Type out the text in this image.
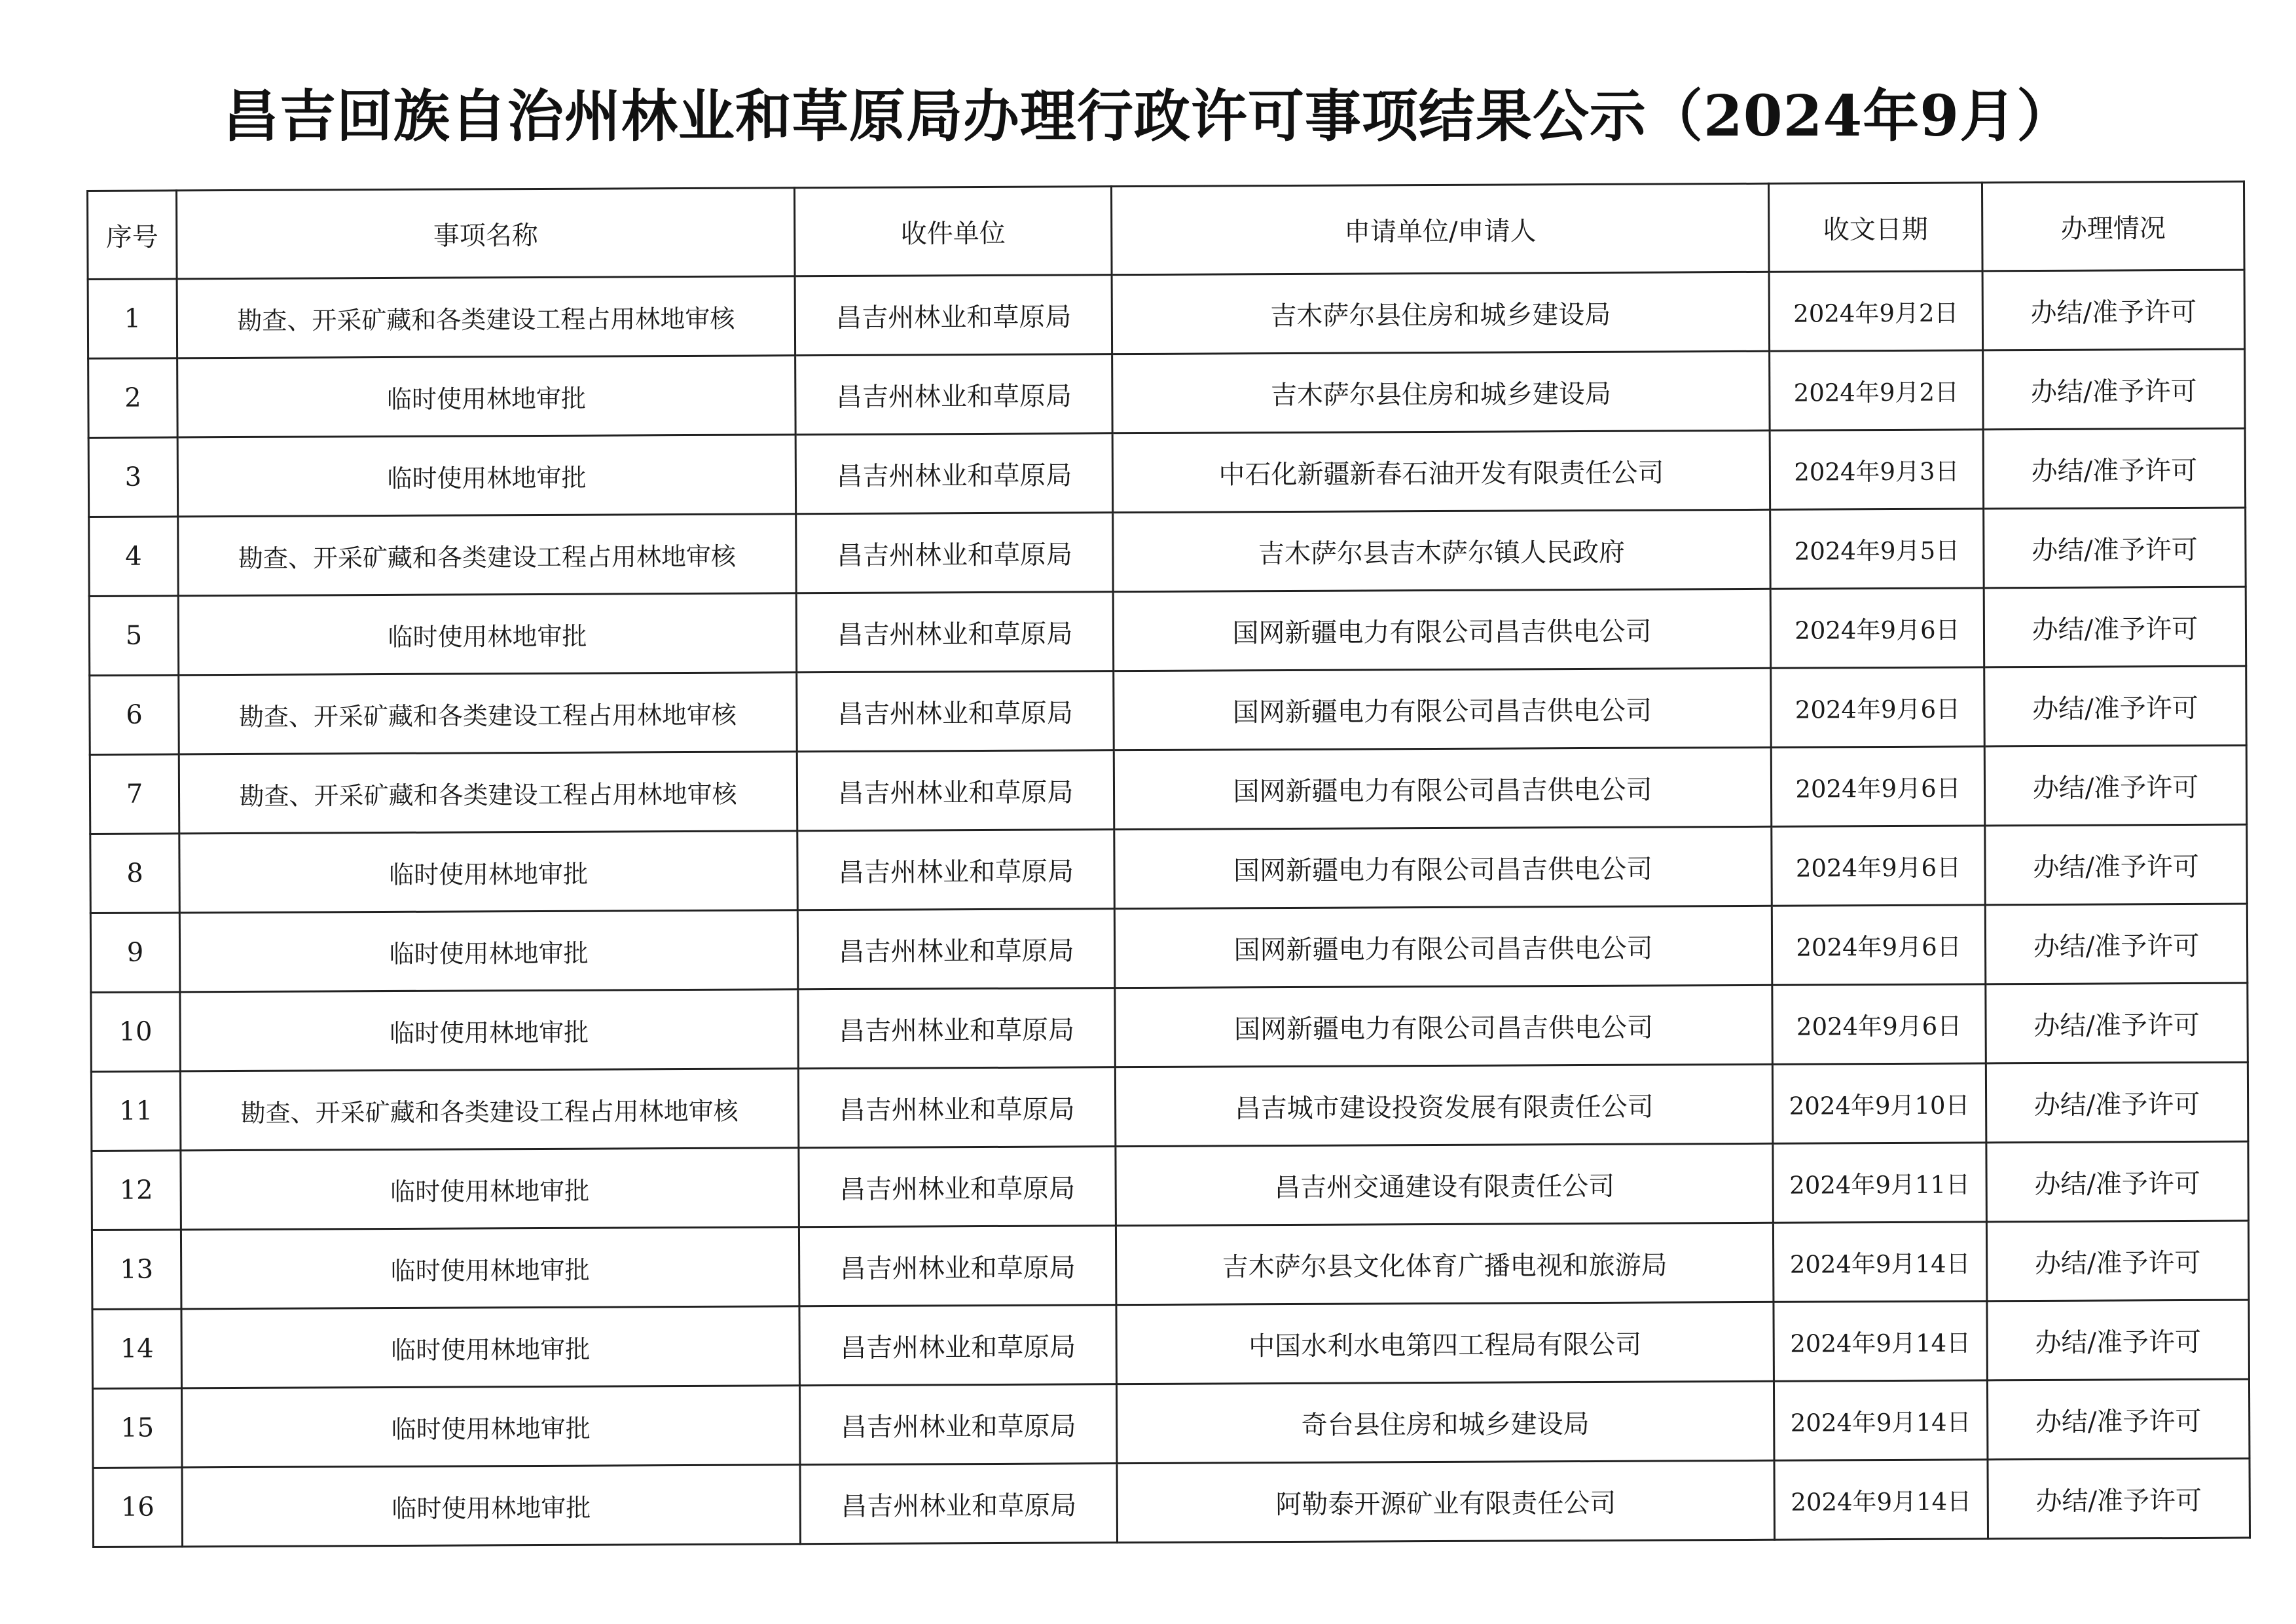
昌吉回族自治州林业和草原局办理行政许可事项结果公示（2024年9月）
序号	事项名称	收件单位	申请单位/申请人	收文日期	办理情况
1	勘查、开采矿藏和各类建设工程占用林地审核	昌吉州林业和草原局	吉木萨尔县住房和城乡建设局	2024年9月2日	办结/准予许可
2	临时使用林地审批	昌吉州林业和草原局	吉木萨尔县住房和城乡建设局	2024年9月2日	办结/准予许可
3	临时使用林地审批	昌吉州林业和草原局	中石化新疆新春石油开发有限责任公司	2024年9月3日	办结/准予许可
4	勘查、开采矿藏和各类建设工程占用林地审核	昌吉州林业和草原局	吉木萨尔县吉木萨尔镇人民政府	2024年9月5日	办结/准予许可
5	临时使用林地审批	昌吉州林业和草原局	国网新疆电力有限公司昌吉供电公司	2024年9月6日	办结/准予许可
6	勘查、开采矿藏和各类建设工程占用林地审核	昌吉州林业和草原局	国网新疆电力有限公司昌吉供电公司	2024年9月6日	办结/准予许可
7	勘查、开采矿藏和各类建设工程占用林地审核	昌吉州林业和草原局	国网新疆电力有限公司昌吉供电公司	2024年9月6日	办结/准予许可
8	临时使用林地审批	昌吉州林业和草原局	国网新疆电力有限公司昌吉供电公司	2024年9月6日	办结/准予许可
9	临时使用林地审批	昌吉州林业和草原局	国网新疆电力有限公司昌吉供电公司	2024年9月6日	办结/准予许可
10	临时使用林地审批	昌吉州林业和草原局	国网新疆电力有限公司昌吉供电公司	2024年9月6日	办结/准予许可
11	勘查、开采矿藏和各类建设工程占用林地审核	昌吉州林业和草原局	昌吉城市建设投资发展有限责任公司	2024年9月10日	办结/准予许可
12	临时使用林地审批	昌吉州林业和草原局	昌吉州交通建设有限责任公司	2024年9月11日	办结/准予许可
13	临时使用林地审批	昌吉州林业和草原局	吉木萨尔县文化体育广播电视和旅游局	2024年9月14日	办结/准予许可
14	临时使用林地审批	昌吉州林业和草原局	中国水利水电第四工程局有限公司	2024年9月14日	办结/准予许可
15	临时使用林地审批	昌吉州林业和草原局	奇台县住房和城乡建设局	2024年9月14日	办结/准予许可
16	临时使用林地审批	昌吉州林业和草原局	阿勒泰开源矿业有限责任公司	2024年9月14日	办结/准予许可
